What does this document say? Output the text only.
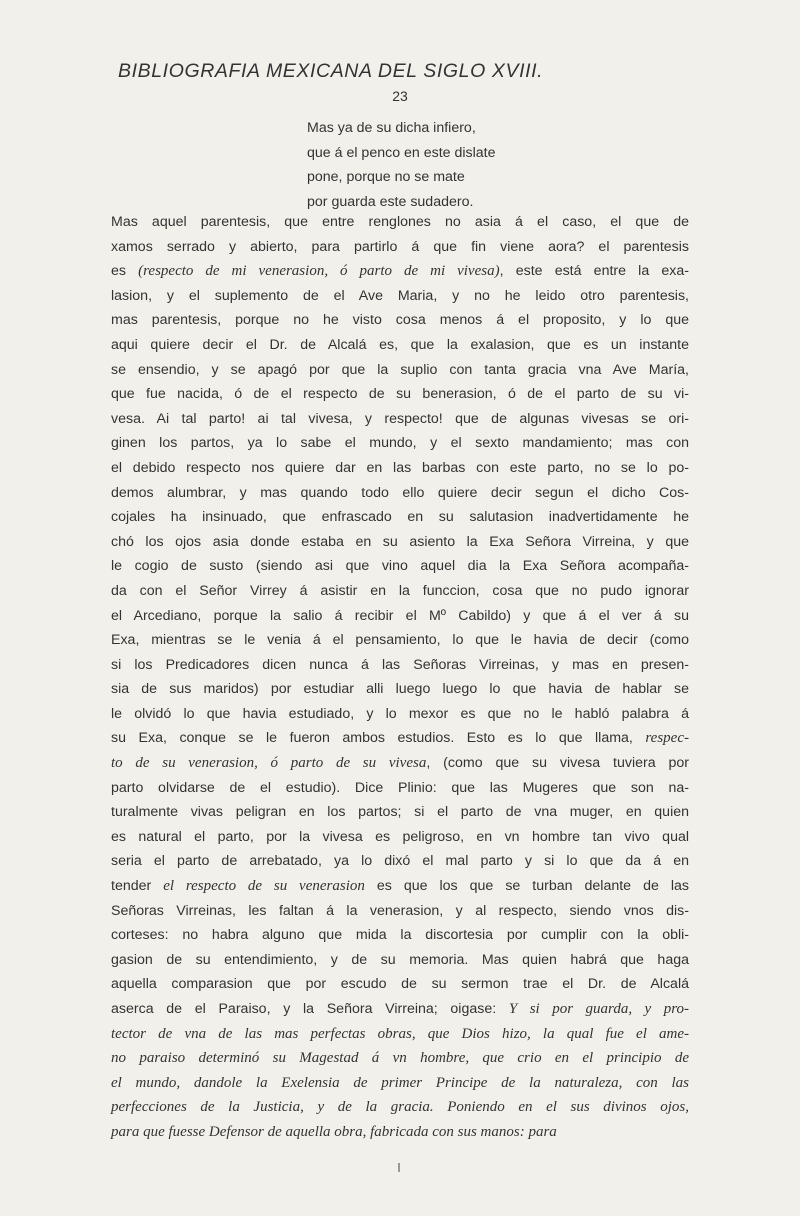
BIBLIOGRAFIA MEXICANA DEL SIGLO XVIII.
23
Mas ya de su dicha infiero,
que á el penco en este dislate
pone, porque no se mate
por guarda este sudadero.
Mas aquel parentesis, que entre renglones no asia á el caso, el que de
xamos serrado y abierto, para partirlo á que fin viene aora? el parentesis
es (respecto de mi venerasion, ó parto de mi vivesa), este está entre la exa-
lasion, y el suplemento de el Ave Maria, y no he leido otro parentesis,
mas parentesis, porque no he visto cosa menos á el proposito, y lo que
aqui quiere decir el Dr. de Alcalá es, que la exalasion, que es un instante
se ensendio, y se apagó por que la suplio con tanta gracia vna Ave María,
que fue nacida, ó de el respecto de su benerasion, ó de el parto de su vi-
vesa. Ai tal parto! ai tal vivesa, y respecto! que de algunas vivesas se ori-
ginen los partos, ya lo sabe el mundo, y el sexto mandamiento; mas con
el debido respecto nos quiere dar en las barbas con este parto, no se lo po-
demos alumbrar, y mas quando todo ello quiere decir segun el dicho Cos-
cojales ha insinuado, que enfrascado en su salutasion inadvertidamente he
chó los ojos asia donde estaba en su asiento la Exa Señora Virreina, y que
le cogio de susto (siendo asi que vino aquel dia la Exa Señora acompaña-
da con el Señor Virrey á asistir en la funccion, cosa que no pudo ignorar
el Arcediano, porque la salio á recibir el Mº Cabildo) y que á el ver á su
Exa, mientras se le venia á el pensamiento, lo que le havia de decir (como
si los Predicadores dicen nunca á las Señoras Virreinas, y mas en presen-
sia de sus maridos) por estudiar alli luego luego lo que havia de hablar se
le olvidó lo que havia estudiado, y lo mexor es que no le habló palabra á
su Exa, conque se le fueron ambos estudios. Esto es lo que llama, respec-
to de su venerasion, ó parto de su vivesa, (como que su vivesa tuviera por
parto olvidarse de el estudio). Dice Plinio: que las Mugeres que son na-
turalmente vivas peligran en los partos; si el parto de vna muger, en quien
es natural el parto, por la vivesa es peligroso, en vn hombre tan vivo qual
seria el parto de arrebatado, ya lo dixó el mal parto y si lo que da á en
tender el respecto de su venerasion es que los que se turban delante de las
Señoras Virreinas, les faltan á la venerasion, y al respecto, siendo vnos dis-
corteses: no habra alguno que mida la discortesia por cumplir con la obli-
gasion de su entendimiento, y de su memoria. Mas quien habrá que haga
aquella comparasion que por escudo de su sermon trae el Dr. de Alcalá
aserca de el Paraiso, y la Señora Virreina; oigase: Y si por guarda, y pro-
tector de vna de las mas perfectas obras, que Dios hizo, la qual fue el ame-
no paraiso determinó su Magestad á vn hombre, que crio en el principio de
el mundo, dandole la Exelensia de primer Principe de la naturaleza, con las
perfecciones de la Justicia, y de la gracia. Poniendo en el sus divinos ojos,
para que fuesse Defensor de aquella obra, fabricada con sus manos: para
